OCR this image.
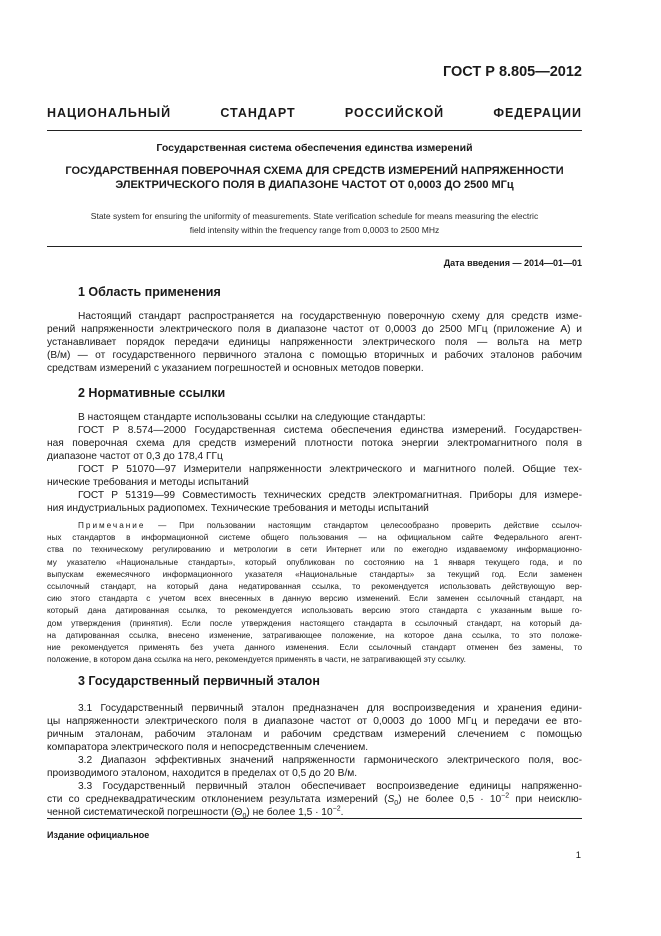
ГОСТ Р 8.805—2012
НАЦИОНАЛЬНЫЙ СТАНДАРТ РОССИЙСКОЙ ФЕДЕРАЦИИ
Государственная система обеспечения единства измерений
ГОСУДАРСТВЕННАЯ ПОВЕРОЧНАЯ СХЕМА ДЛЯ СРЕДСТВ ИЗМЕРЕНИЙ НАПРЯЖЕННОСТИ
ЭЛЕКТРИЧЕСКОГО ПОЛЯ В ДИАПАЗОНЕ ЧАСТОТ ОТ 0,0003 ДО 2500 МГц
State system for ensuring the uniformity of measurements. State verification schedule for means measuring the electric
field intensity within the frequency range from 0,0003 to 2500 MHz
Дата введения — 2014—01—01
1 Область применения
Настоящий стандарт распространяется на государственную поверочную схему для средств изме-
рений напряженности электрического поля в диапазоне частот от 0,0003 до 2500 МГц (приложение А) и
устанавливает порядок передачи единицы напряженности электрического поля — вольта на метр
(В/м) — от государственного первичного эталона с помощью вторичных и рабочих эталонов рабочим
средствам измерений с указанием погрешностей и основных методов поверки.
2 Нормативные ссылки
В настоящем стандарте использованы ссылки на следующие стандарты:
ГОСТ Р 8.574—2000 Государственная система обеспечения единства измерений. Государствен-
ная поверочная схема для средств измерений плотности потока энергии электромагнитного поля в
диапазоне частот от 0,3 до 178,4 ГГц
ГОСТ Р 51070—97 Измерители напряженности электрического и магнитного полей. Общие тех-
нические требования и методы испытаний
ГОСТ Р 51319—99 Совместимость технических средств электромагнитная. Приборы для измере-
ния индустриальных радиопомех. Технические требования и методы испытаний
Примечание — При пользовании настоящим стандартом целесообразно проверить действие ссылоч-
ных стандартов в информационной системе общего пользования — на официальном сайте Федерального агент-
ства по техническому регулированию и метрологии в сети Интернет или по ежегодно издаваемому информационно-
му указателю «Национальные стандарты», который опубликован по состоянию на 1 января текущего года, и по
выпускам ежемесячного информационного указателя «Национальные стандарты» за текущий год. Если заменен
ссылочный стандарт, на который дана недатированная ссылка, то рекомендуется использовать действующую вер-
сию этого стандарта с учетом всех внесенных в данную версию изменений. Если заменен ссылочный стандарт, на
который дана датированная ссылка, то рекомендуется использовать версию этого стандарта с указанным выше го-
дом утверждения (принятия). Если после утверждения настоящего стандарта в ссылочный стандарт, на который да-
на датированная ссылка, внесено изменение, затрагивающее положение, на которое дана ссылка, то это положе-
ние рекомендуется применять без учета данного изменения. Если ссылочный стандарт отменен без замены, то
положение, в котором дана ссылка на него, рекомендуется применять в части, не затрагивающей эту ссылку.
3 Государственный первичный эталон
3.1 Государственный первичный эталон предназначен для воспроизведения и хранения едини-
цы напряженности электрического поля в диапазоне частот от 0,0003 до 1000 МГц и передачи ее вто-
ричным эталонам, рабочим эталонам и рабочим средствам измерений слечением с помощью
компаратора электрического поля и непосредственным слечением.
3.2 Диапазон эффективных значений напряженности гармонического электрического поля, вос-
производимого эталоном, находится в пределах от 0,5 до 20 В/м.
3.3 Государственный первичный эталон обеспечивает воспроизведение единицы напряженно-
сти со среднеквадратическим отклонением результата измерений $(S_0)$ не более $0,5 \cdot 10^{-2}$ при неисклю-
ченной систематической погрешности $(\Theta_0)$ не более $1,5 \cdot 10^{-2}$.
Издание официальное
1
